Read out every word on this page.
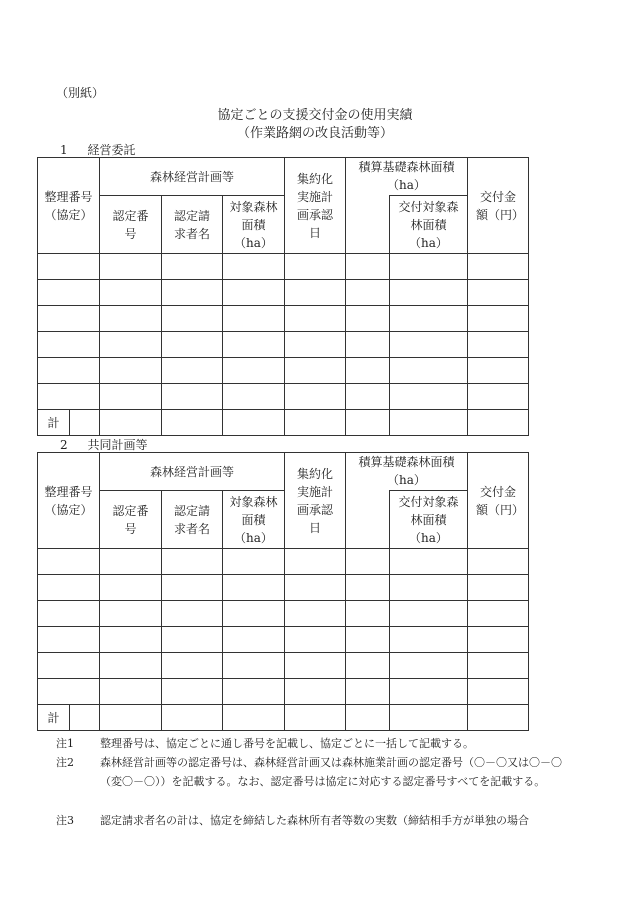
（別紙）
協定ごとの支援交付金の使用実績
（作業路網の改良活動等）
1 経営委託
整理番号（協定）		森林経営計画等			集約化実施計画承認日	積算基礎森林面積（ha）		交付金額（円）
		認定番号	認定請求者名	対象森林面積（ha）			交付対象森林面積（ha）	

計								
2 共同計画等
整理番号（協定）		森林経営計画等			集約化実施計画承認日	積算基礎森林面積（ha）		交付金額（円）
		認定番号	認定請求者名	対象森林面積（ha）			交付対象森林面積（ha）	

計								
注1 整理番号は、協定ごとに通し番号を記載し、協定ごとに一括して記載する。
注2 森林経営計画等の認定番号は、森林経営計画又は森林施業計画の認定番号（〇－〇又は〇－〇（変〇－〇））を記載する。なお、認定番号は協定に対応する認定番号すべてを記載する。
注3 認定請求者名の計は、協定を締結した森林所有者等数の実数（締結相手方が単独の場合
